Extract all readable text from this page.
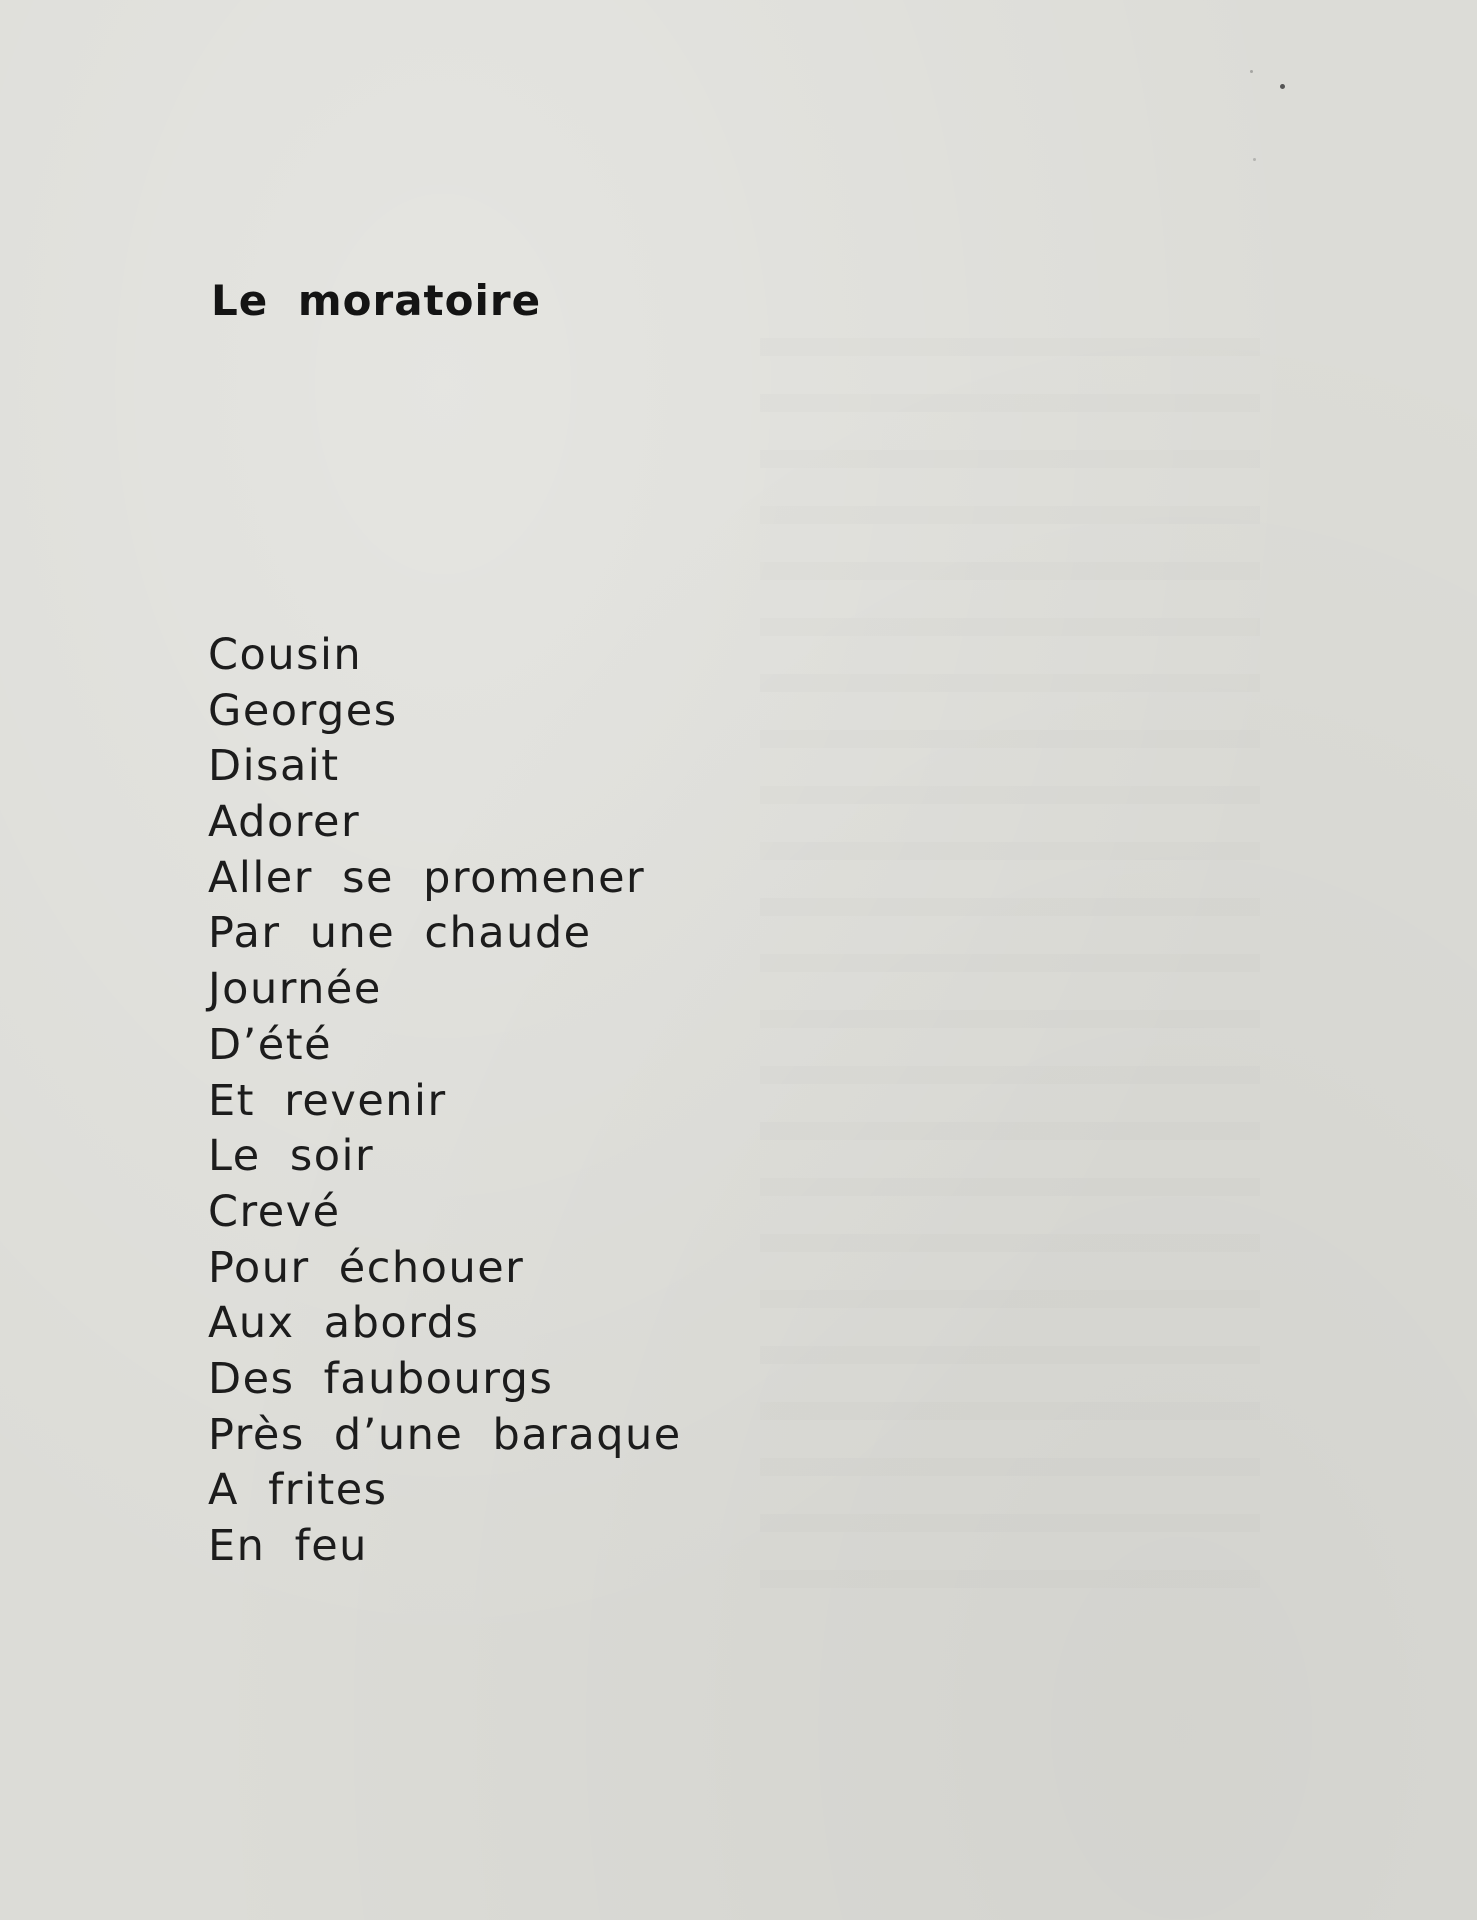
Le moratoire
Cousin
Georges
Disait
Adorer
Aller se promener
Par une chaude
Journée
D’été
Et revenir
Le soir
Crevé
Pour échouer
Aux abords
Des faubourgs
Près d’une baraque
A frites
En feu
